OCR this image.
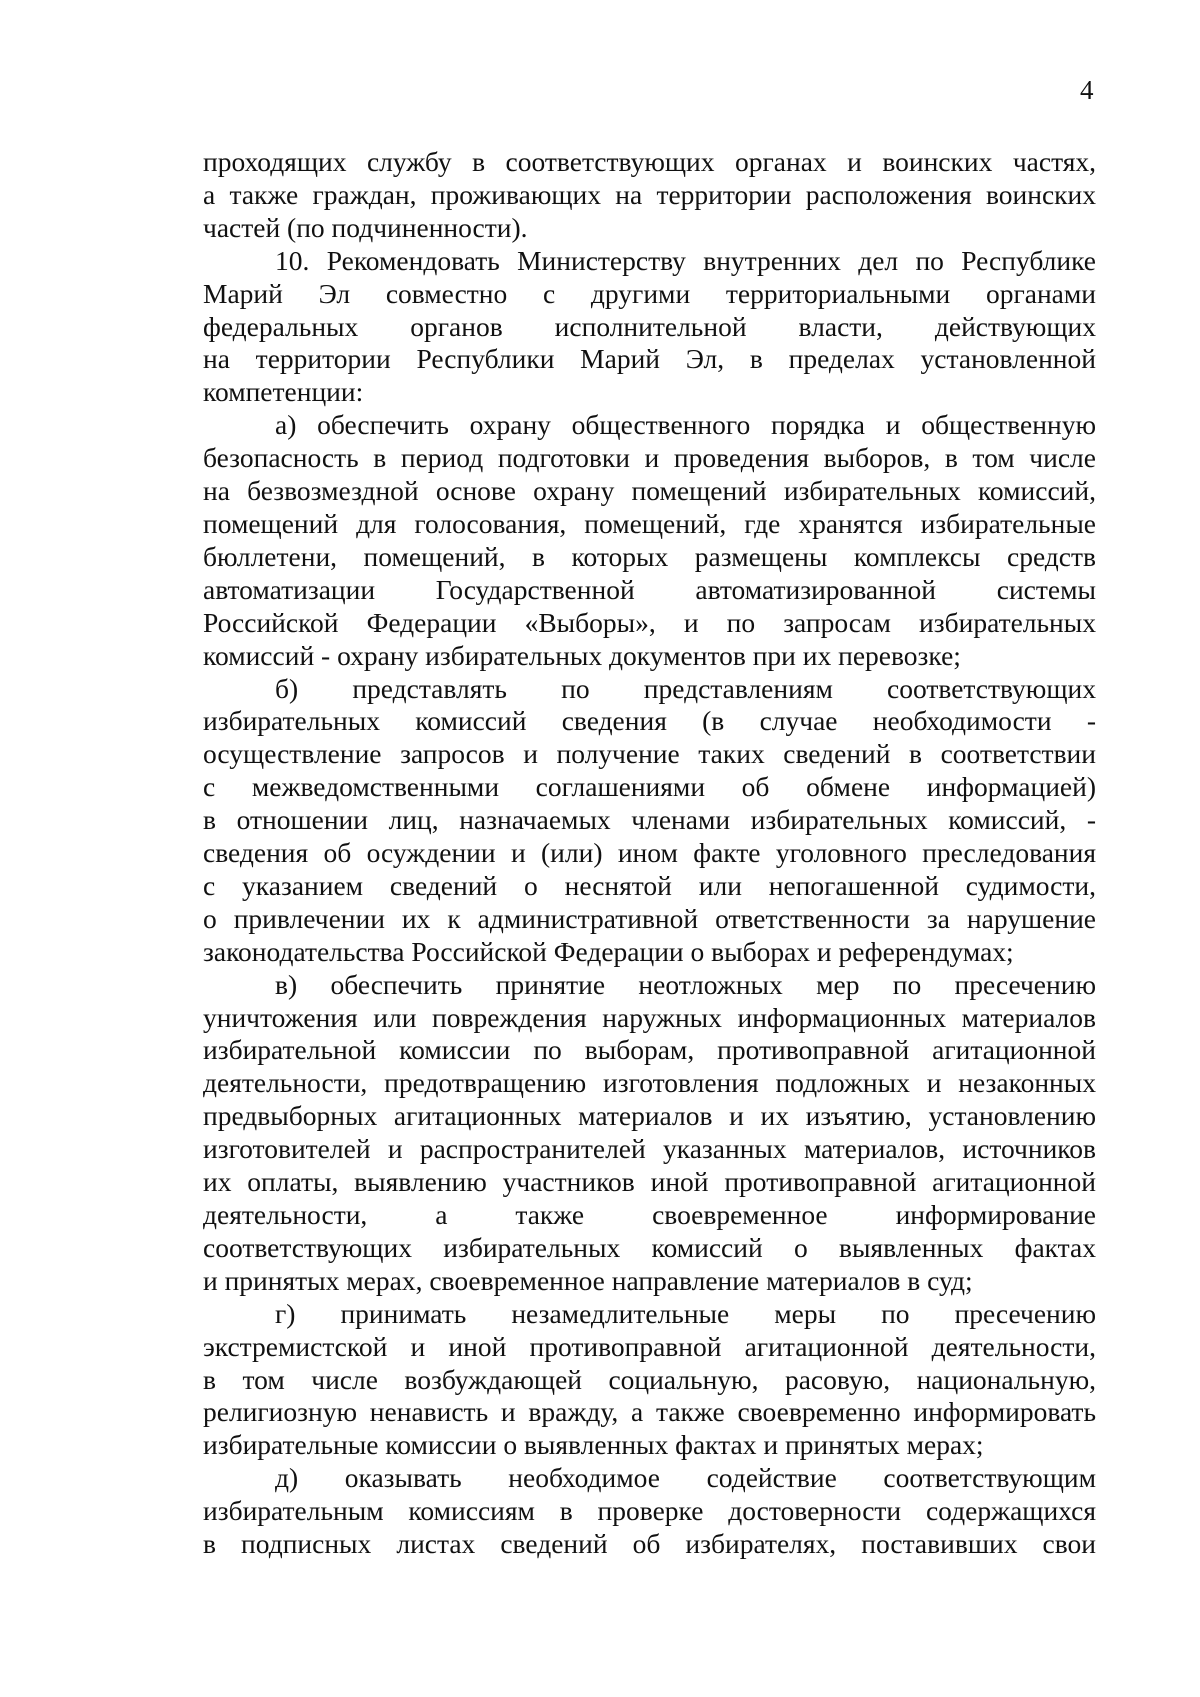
4
проходящих службу в соответствующих органах и воинских частях,
а также граждан, проживающих на территории расположения воинских
частей (по подчиненности).
10. Рекомендовать Министерству внутренних дел по Республике
Марий Эл совместно с другими территориальными органами
федеральных органов исполнительной власти, действующих
на территории Республики Марий Эл, в пределах установленной
компетенции:
а) обеспечить охрану общественного порядка и общественную
безопасность в период подготовки и проведения выборов, в том числе
на безвозмездной основе охрану помещений избирательных комиссий,
помещений для голосования, помещений, где хранятся избирательные
бюллетени, помещений, в которых размещены комплексы средств
автоматизации Государственной автоматизированной системы
Российской Федерации «Выборы», и по запросам избирательных
комиссий - охрану избирательных документов при их перевозке;
б) представлять по представлениям соответствующих
избирательных комиссий сведения (в случае необходимости -
осуществление запросов и получение таких сведений в соответствии
с межведомственными соглашениями об обмене информацией)
в отношении лиц, назначаемых членами избирательных комиссий, -
сведения об осуждении и (или) ином факте уголовного преследования
с указанием сведений о неснятой или непогашенной судимости,
о привлечении их к административной ответственности за нарушение
законодательства Российской Федерации о выборах и референдумах;
в) обеспечить принятие неотложных мер по пресечению
уничтожения или повреждения наружных информационных материалов
избирательной комиссии по выборам, противоправной агитационной
деятельности, предотвращению изготовления подложных и незаконных
предвыборных агитационных материалов и их изъятию, установлению
изготовителей и распространителей указанных материалов, источников
их оплаты, выявлению участников иной противоправной агитационной
деятельности, а также своевременное информирование
соответствующих избирательных комиссий о выявленных фактах
и принятых мерах, своевременное направление материалов в суд;
г) принимать незамедлительные меры по пресечению
экстремистской и иной противоправной агитационной деятельности,
в том числе возбуждающей социальную, расовую, национальную,
религиозную ненависть и вражду, а также своевременно информировать
избирательные комиссии о выявленных фактах и принятых мерах;
д) оказывать необходимое содействие соответствующим
избирательным комиссиям в проверке достоверности содержащихся
в подписных листах сведений об избирателях, поставивших свои
